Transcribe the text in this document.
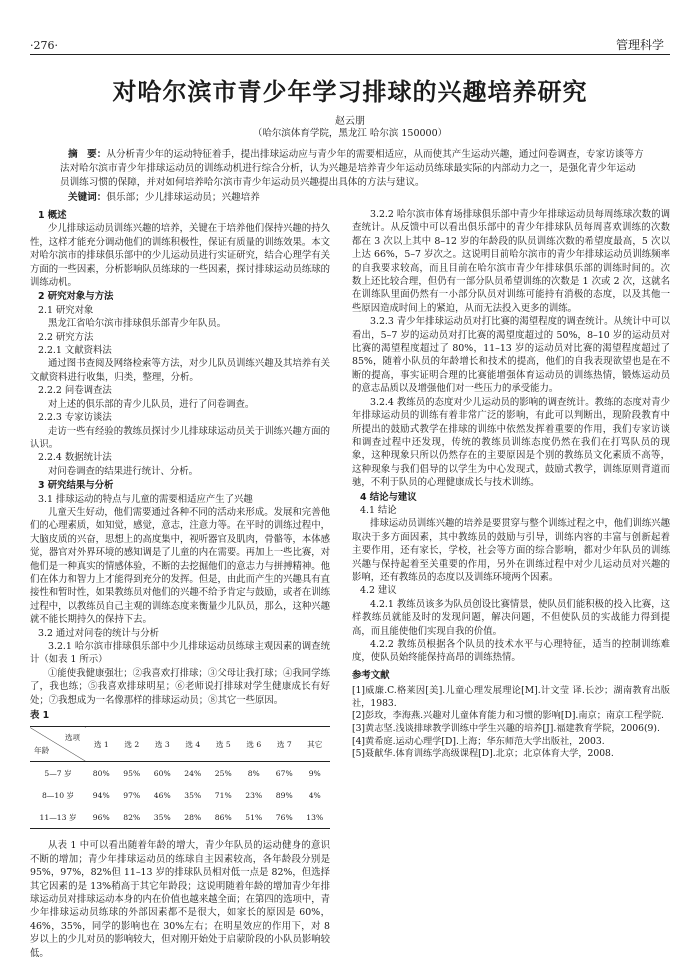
·276·	管理科学
对哈尔滨市青少年学习排球的兴趣培养研究
赵云朋
（哈尔滨体育学院，黑龙江 哈尔滨 150000）

摘　要：从分析青少年的运动特征着手，提出排球运动应与青少年的需要相适应，从而使其产生运动兴趣，通过问卷调查，专家访谈等方法对哈尔滨市青少年排球运动员的训练动机进行综合分析，认为兴趣是培养青少年运动员练球最实际的内部动力之一，是强化青少年运动员训练习惯的保障，并对如何培养哈尔滨市青少年运动员兴趣提出具体的方法与建议。

关键词：俱乐部；少儿排球运动员；兴趣培养

1 概述

少儿排球运动员训练兴趣的培养，关键在于培养他们保持兴趣的持久性，这样才能充分调动他们的训练积极性，保证有质量的训练效果。本文对哈尔滨市的排球俱乐部中的少儿运动员进行实证研究，结合心理学有关方面的一些因素，分析影响队员练球的一些因素，探讨排球运动员练球的训练动机。

2 研究对象与方法

2.1 研究对象

黑龙江省哈尔滨市排球俱乐部青少年队员。

2.2 研究方法

2.2.1 文献资料法

通过图书查阅及网络检索等方法，对少儿队员训练兴趣及其培养有关文献资料进行收集，归类，整理，分析。

2.2.2 问卷调查法

对上述的俱乐部的青少儿队员，进行了问卷调查。

2.2.3 专家访谈法

走访一些有经验的教练员探讨少儿排球球运动员关于训练兴趣方面的认识。

2.2.4 数据统计法

对问卷调查的结果进行统计、分析。

3 研究结果与分析

3.1 排球运动的特点与儿童的需要相适应产生了兴趣

儿童天生好动，他们需要通过各种不同的活动来形成。发展和完善他们的心理素质，如知觉，感觉，意志，注意力等。在平时的训练过程中，大脑皮质的兴奋，思想上的高度集中，视听器官及肌肉，骨骼等，本体感觉，器官对外界环境的感知调是了儿童的内在需要。再加上一些比赛，对他们是一种真实的情感体验，不断的去挖掘他们的意志力与拼搏精神。他们在体力和智力上才能得到充分的发挥。但是，由此而产生的兴趣具有直接性和暂时性，如果教练员对他们的兴趣不给予肯定与鼓励，或者在训练过程中，以教练员自己主观的训练态度来衡量少儿队员，那么，这种兴趣就不能长期持久的保持下去。

3.2 通过对问卷的统计与分析

3.2.1 哈尔滨市排球俱乐部中少儿排球运动员练球主观因素的调查统计（如表 1 所示）

①能使我健康强壮；②我喜欢打排球；③父母让我打球；④我同学练了，我也练；⑤我喜欢排球明星；⑥老师说打排球对学生健康成长有好处；⑦我想成为一名像那样的排球运动员；⑧其它一些原因。

表 1

选项
年龄	选 1	选 2	选 3	选 4	选 5	选 6	选 7	其它
5—7 岁	80%	95%	60%	24%	25%	8%	67%	9%
8—10 岁	94%	97%	46%	35%	71%	23%	89%	4%
11—13 岁	96%	82%	35%	28%	86%	51%	76%	13%

从表 1 中可以看出随着年龄的增大，青少年队员的运动健身的意识不断的增加；青少年排球运动员的练球自主因素较高，各年龄段分别是 95%，97%，82%但 11–13 岁的排球队员相对低一点是 82%，但选择其它因素的是 13%稍高于其它年龄段；这说明随着年龄的增加青少年排球运动员对排球运动本身的内在价值也越来越全面；在第四的选项中，青少年排球运动员练球的外部因素都不是很大，如家长的原因是 60%，46%，35%，同学的影响也在 30%左右；在明星效应的作用下，对 8 岁以上的少儿对员的影响较大，但对刚开始处于启蒙阶段的小队员影响较低。

3.2.2 哈尔滨市体育场排球俱乐部中青少年排球运动员每周练球次数的调查统计。从反馈中可以看出俱乐部中的青少年排球队员每周喜欢训练的次数都在 3 次以上其中 8–12 岁的年龄段的队员训练次数的希望度最高，5 次以上达 66%，5–7 岁次之。这说明目前哈尔滨市的青少年排球运动员训练频率的自我要求较高，而且目前在哈尔滨市青少年排球俱乐部的训练时间的。次数上还比较合理，但仍有一部分队员希望训练的次数是 1 次或 2 次，这就名在训练队里面仍然有一小部分队员对训练可能持有消极的态度，以及其他一些原因造成时间上的紧迫，从而无法投入更多的训练。

3.2.3 青少年排球运动员对打比赛的渴望程度的调查统计。从统计中可以看出，5–7 岁的运动员对打比赛的渴望度超过的 50%，8–10 岁的运动员对比赛的渴望程度超过了 80%，11–13 岁的运动员对比赛的渴望程度超过了 85%，随着小队员的年龄增长和技术的提高，他们的自我表现欲望也是在不断的提高，事实证明合理的比赛能增强体育运动员的训练热情，锻炼运动员的意志品质以及增强他们对一些压力的承受能力。

3.2.4 教练员的态度对少儿运动员的影响的调查统计。教练的态度对青少年排球运动员的训练有着非常广泛的影响，有此可以判断出，现阶段教育中所提出的鼓励式教学在排球的训练中依然发挥着重要的作用，我们专家访谈和调查过程中还发现，传统的教练员训练态度仍然在我们在打骂队员的现象，这种现象只所以仍然存在的主要原因是个别的教练员文化素质不高等，这种现象与我们倡导的以学生为中心发现式，鼓励式教学，训练原则背道而驰，不利于队员的心理健康成长与技术训练。

4 结论与建议

4.1 结论

排球运动员训练兴趣的培养是要贯穿与整个训练过程之中，他们训练兴趣取决于多方面因素，其中教练员的鼓励与引导，训练内容的丰富与创新起着主要作用，还有家长，学校，社会等方面的综合影响，都对少年队员的训练兴趣与保持起着至关重要的作用，另外在训练过程中对少儿运动员对兴趣的影响，还有教练员的态度以及训练环境两个因素。

4.2 建议

4.2.1 教练员该多为队员创设比赛情景，使队员们能积极的投入比赛，这样教练员就能及时的发现问题，解决问题，不但使队员的实战能力得到提高，而且能使他们实现自我的价值。

4.2.2 教练员根据各个队员的技术水平与心理特征，适当的控制训练难度，使队员始终能保持高昂的训练热情。

参考文献

[1]威廉.C.格莱因[美].儿童心理发展理论[M].计文莹 译.长沙；湖南教育出版社，1983.

[2]彭玫，李海燕.兴趣对儿童体育能力和习惯的影响[D].南京；南京工程学院.

[3]黄志坚.浅谈排球教学训练中学生兴趣的培养[J].福建教育学院，2006(9).

[4]黄希庭.运动心理学[D].上海；华东师范大学出版社，2003.

[5]聂献华.体育训练学高级课程[D].北京；北京体育大学，2008.
